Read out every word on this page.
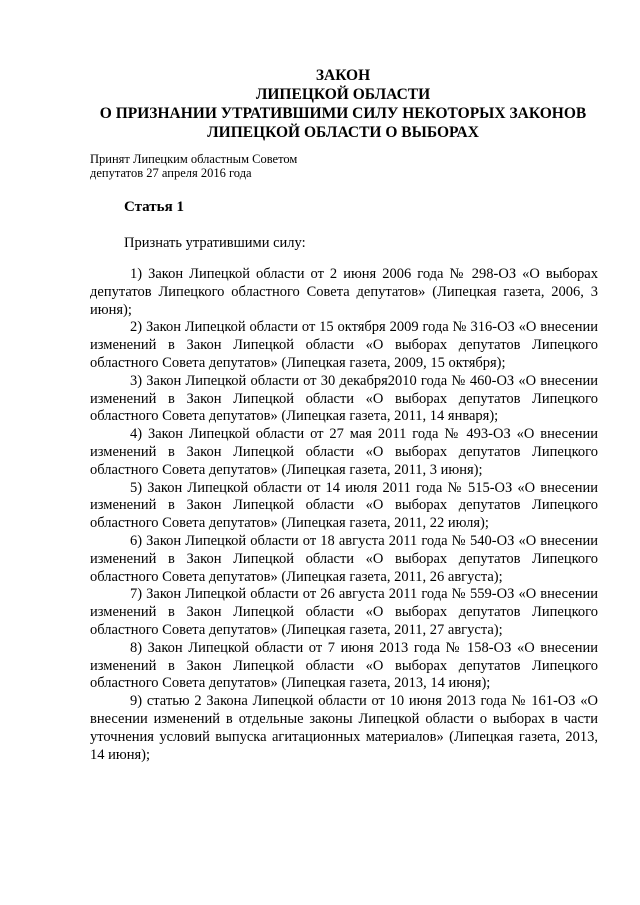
ЗАКОН
ЛИПЕЦКОЙ ОБЛАСТИ
О ПРИЗНАНИИ УТРАТИВШИМИ СИЛУ НЕКОТОРЫХ ЗАКОНОВ
ЛИПЕЦКОЙ ОБЛАСТИ О ВЫБОРАХ
Принят Липецким областным Советом
депутатов 27 апреля 2016 года
Статья 1
Признать утратившими силу:

1) Закон Липецкой области от 2 июня 2006 года № 298-ОЗ «О выборах депутатов Липецкого областного Совета депутатов» (Липецкая газета, 2006, 3 июня);

2) Закон Липецкой области от 15 октября 2009 года № 316-ОЗ «О внесении изменений в Закон Липецкой области «О выборах депутатов Липецкого областного Совета депутатов» (Липецкая газета, 2009, 15 октября);

3) Закон Липецкой области от 30 декабря2010 года № 460-ОЗ «О внесении изменений в Закон Липецкой области «О выборах депутатов Липецкого областного Совета депутатов» (Липецкая газета, 2011, 14 января);

4) Закон Липецкой области от 27 мая 2011 года № 493-ОЗ «О внесении изменений в Закон Липецкой области «О выборах депутатов Липецкого областного Совета депутатов» (Липецкая газета, 2011, 3 июня);

5) Закон Липецкой области от 14 июля 2011 года № 515-ОЗ «О внесении изменений в Закон Липецкой области «О выборах депутатов Липецкого областного Совета депутатов» (Липецкая газета, 2011, 22 июля);

6) Закон Липецкой области от 18 августа 2011 года № 540-ОЗ «О внесении изменений в Закон Липецкой области «О выборах депутатов Липецкого областного Совета депутатов» (Липецкая газета, 2011, 26 августа);

7) Закон Липецкой области от 26 августа 2011 года № 559-ОЗ «О внесении изменений в Закон Липецкой области «О выборах депутатов Липецкого областного Совета депутатов» (Липецкая газета, 2011, 27 августа);

8) Закон Липецкой области от 7 июня 2013 года № 158-ОЗ «О внесении изменений в Закон Липецкой области «О выборах депутатов Липецкого областного Совета депутатов» (Липецкая газета, 2013, 14 июня);

9) статью 2 Закона Липецкой области от 10 июня 2013 года № 161-ОЗ «О внесении изменений в отдельные законы Липецкой области о выборах в части уточнения условий выпуска агитационных материалов» (Липецкая газета, 2013, 14 июня);
